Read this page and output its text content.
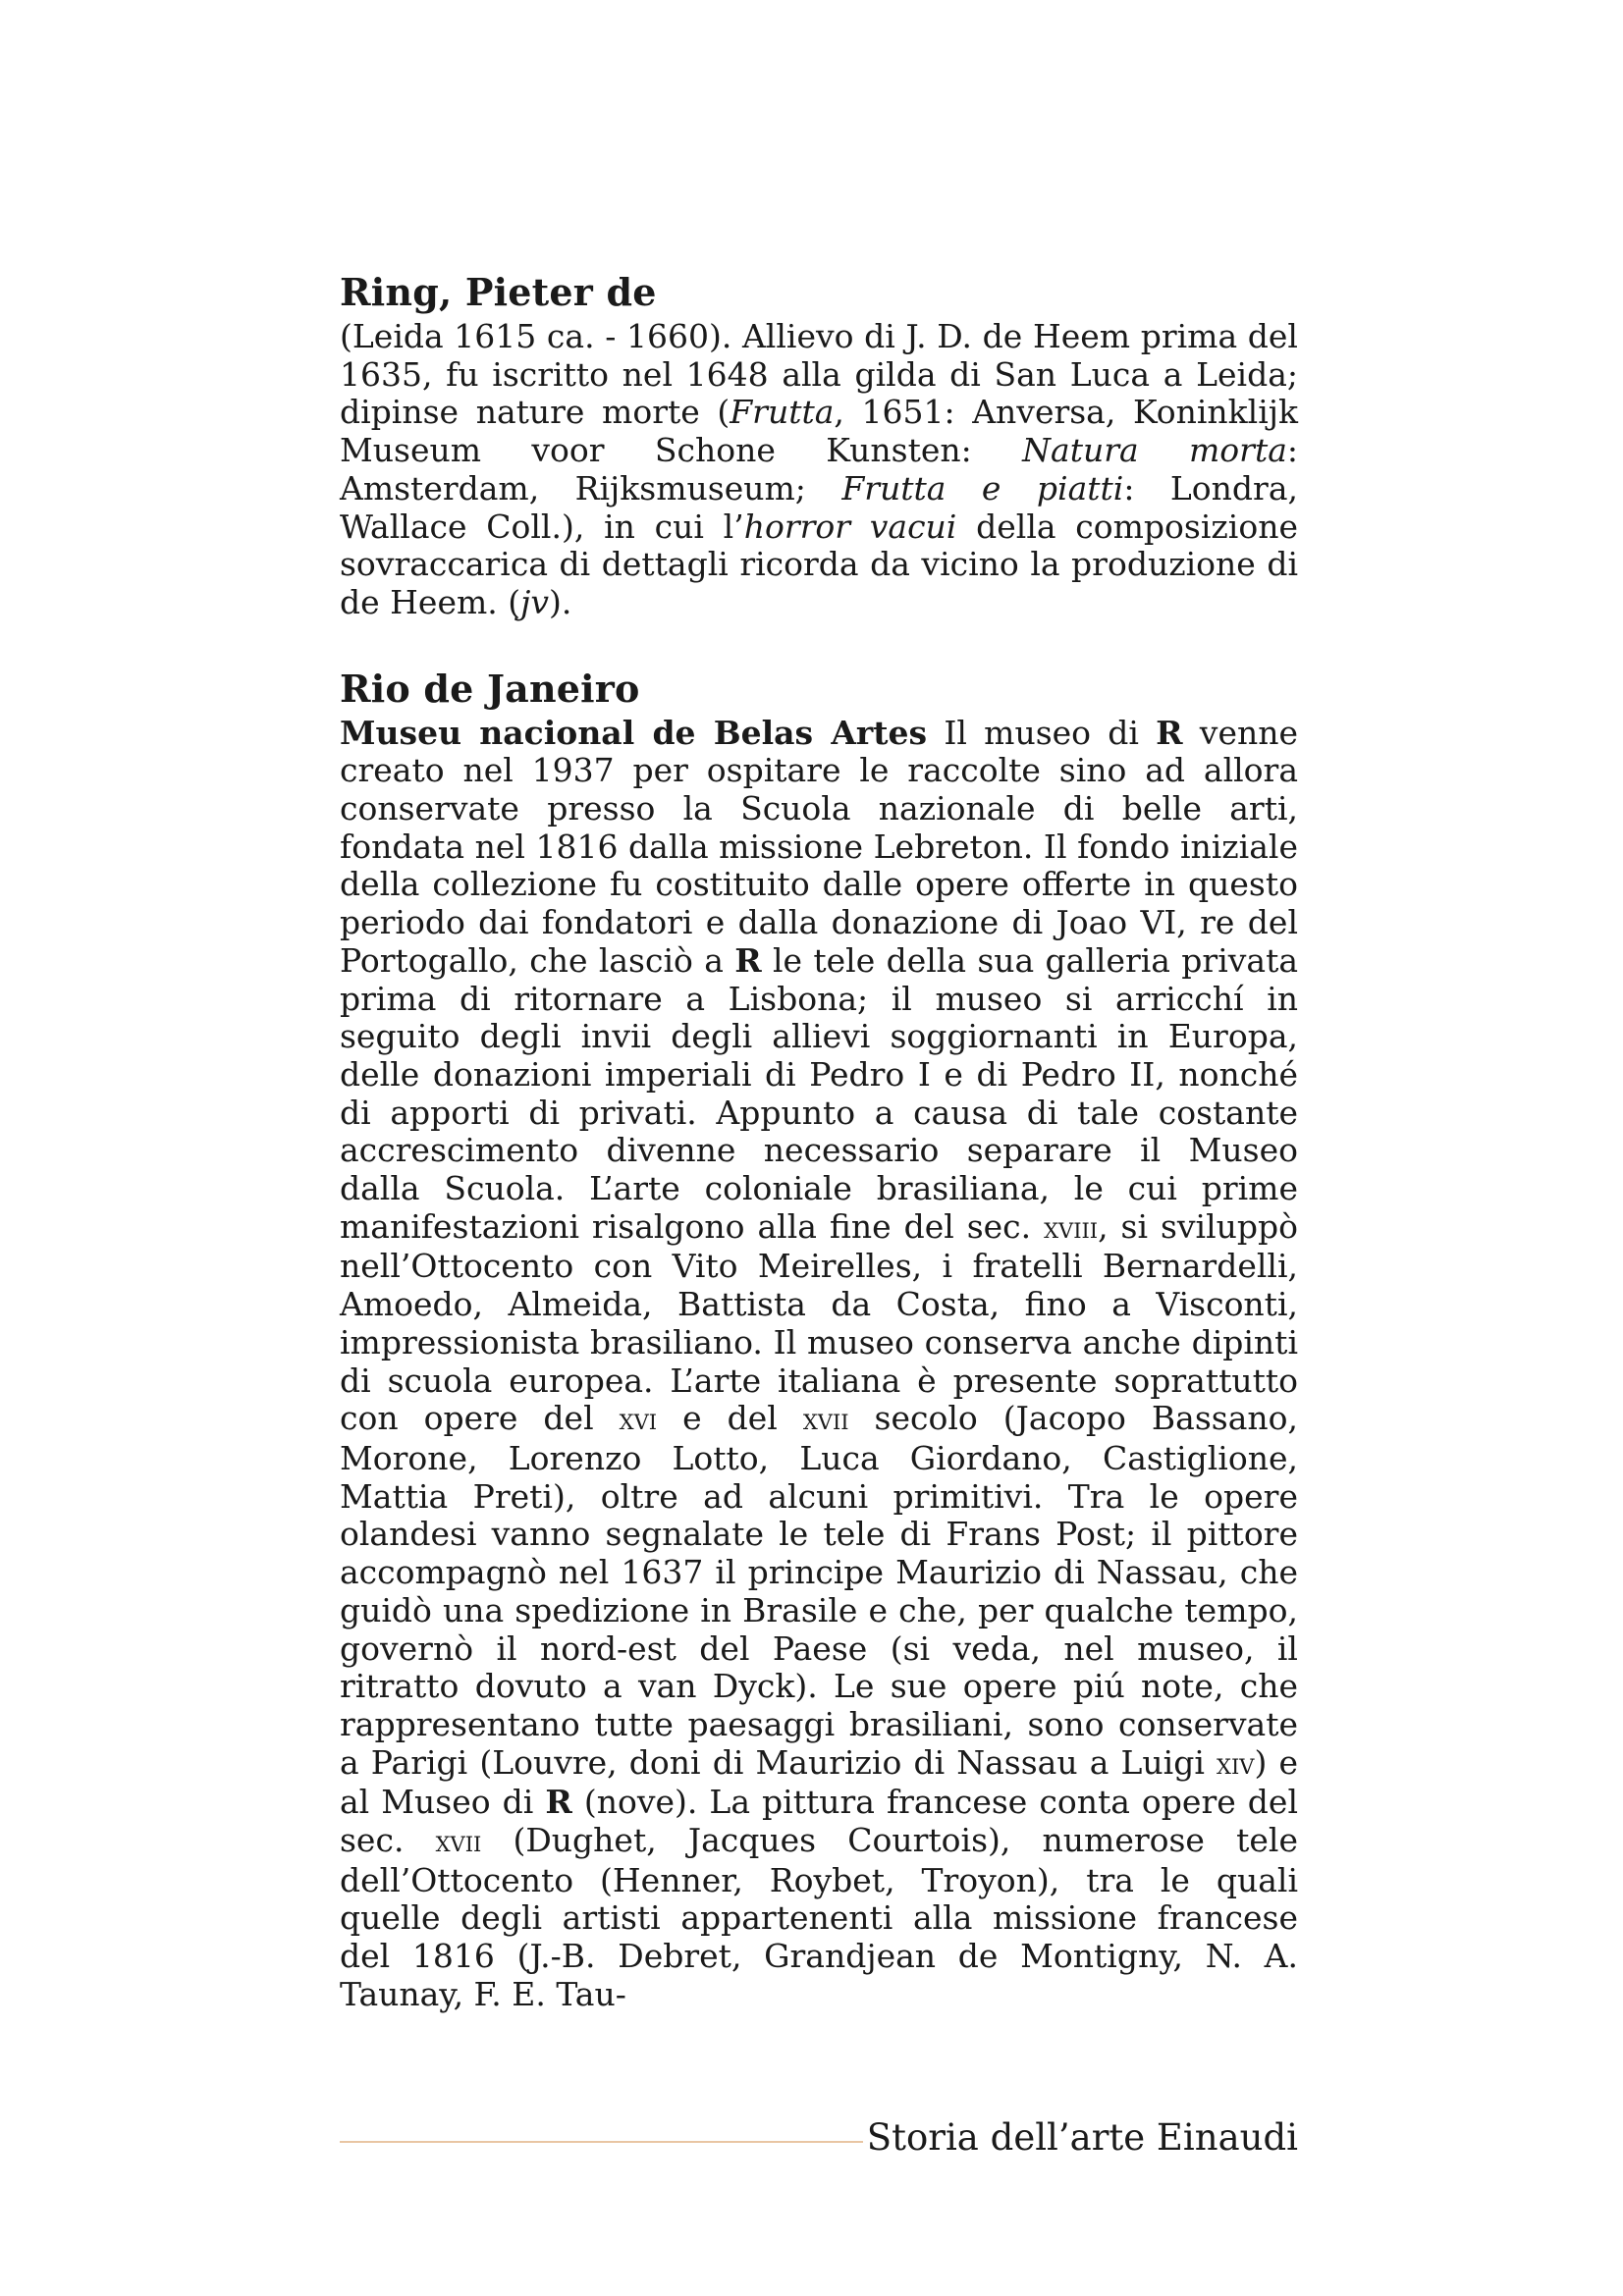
Ring, Pieter de

(Leida 1615 ca. - 1660). Allievo di J. D. de Heem prima del 1635, fu iscritto nel 1648 alla gilda di San Luca a Leida; dipinse nature morte (Frutta, 1651: Anversa, Koninklijk Museum voor Schone Kunsten: Natura morta: Amsterdam, Rijksmuseum; Frutta e piatti: Londra, Wallace Coll.), in cui l’horror vacui della composizione sovraccarica di dettagli ricorda da vicino la produzione di de Heem. (jv).

Rio de Janeiro

Museu nacional de Belas Artes Il museo di R venne creato nel 1937 per ospitare le raccolte sino ad allora conservate presso la Scuola nazionale di belle arti, fondata nel 1816 dalla missione Lebreton. Il fondo iniziale della collezione fu costituito dalle opere offerte in questo periodo dai fondatori e dalla donazione di Joao VI, re del Portogallo, che lasciò a R le tele della sua galleria privata prima di ritornare a Lisbona; il museo si arricchí in seguito degli invii degli allievi soggiornanti in Europa, delle donazioni imperiali di Pedro I e di Pedro II, nonché di apporti di privati. Appunto a causa di tale costante accrescimento divenne necessario separare il Museo dalla Scuola. L’arte coloniale brasiliana, le cui prime manifestazioni risalgono alla fine del sec. xviii, si sviluppò nell’Ottocento con Vito Meirelles, i fratelli Bernardelli, Amoedo, Almeida, Battista da Costa, fino a Visconti, impressionista brasiliano. Il museo conserva anche dipinti di scuola europea. L’arte italiana è presente soprattutto con opere del xvi e del xvii secolo (Jacopo Bassano, Morone, Lorenzo Lotto, Luca Giordano, Castiglione, Mattia Preti), oltre ad alcuni primitivi. Tra le opere olandesi vanno segnalate le tele di Frans Post; il pittore accompagnò nel 1637 il principe Maurizio di Nassau, che guidò una spedizione in Brasile e che, per qualche tempo, governò il nord-est del Paese (si veda, nel museo, il ritratto dovuto a van Dyck). Le sue opere piú note, che rappresentano tutte paesaggi brasiliani, sono conservate a Parigi (Louvre, doni di Maurizio di Nassau a Luigi xiv) e al Museo di R (nove). La pittura francese conta opere del sec. xvii (Dughet, Jacques Courtois), numerose tele dell’Ottocento (Henner, Roybet, Troyon), tra le quali quelle degli artisti appartenenti alla missione francese del 1816 (J.-B. Debret, Grandjean de Montigny, N. A. Taunay, F. E. Tau-

Storia dell’arte Einaudi
